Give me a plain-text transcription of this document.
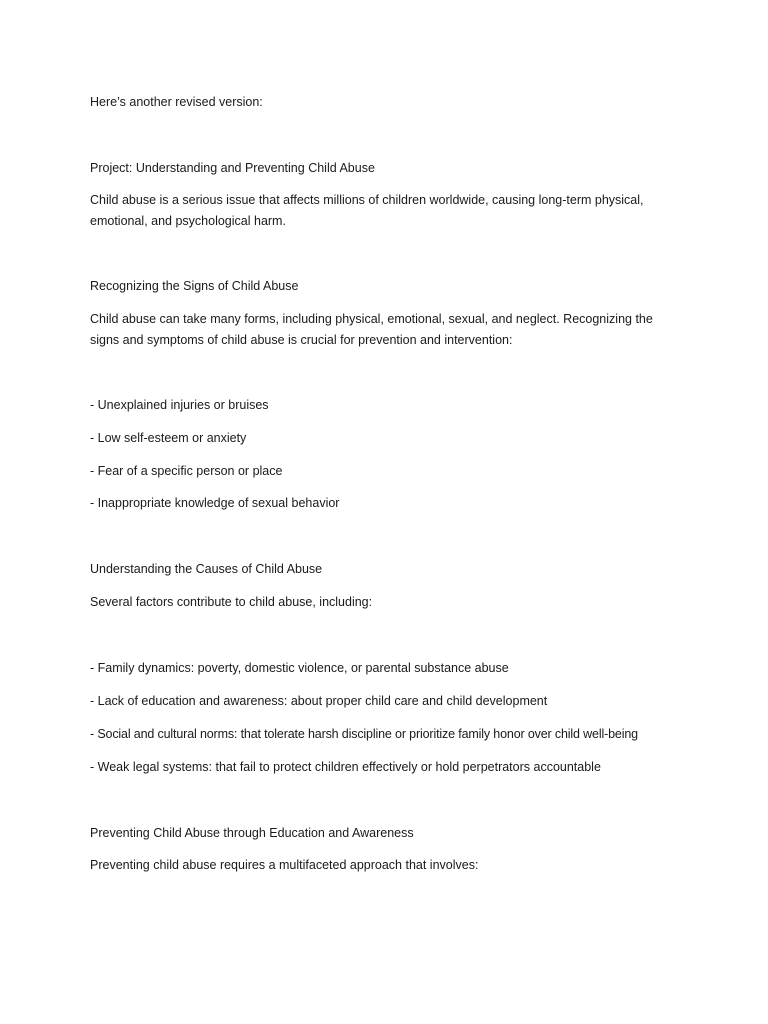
Here’s another revised version:

Project: Understanding and Preventing Child Abuse

Child abuse is a serious issue that affects millions of children worldwide, causing long-term physical, emotional, and psychological harm.

Recognizing the Signs of Child Abuse

Child abuse can take many forms, including physical, emotional, sexual, and neglect. Recognizing the signs and symptoms of child abuse is crucial for prevention and intervention:

- Unexplained injuries or bruises

- Low self-esteem or anxiety

- Fear of a specific person or place

- Inappropriate knowledge of sexual behavior

Understanding the Causes of Child Abuse

Several factors contribute to child abuse, including:

- Family dynamics: poverty, domestic violence, or parental substance abuse

- Lack of education and awareness: about proper child care and child development

- Social and cultural norms: that tolerate harsh discipline or prioritize family honor over child well-being

- Weak legal systems: that fail to protect children effectively or hold perpetrators accountable

Preventing Child Abuse through Education and Awareness

Preventing child abuse requires a multifaceted approach that involves:
